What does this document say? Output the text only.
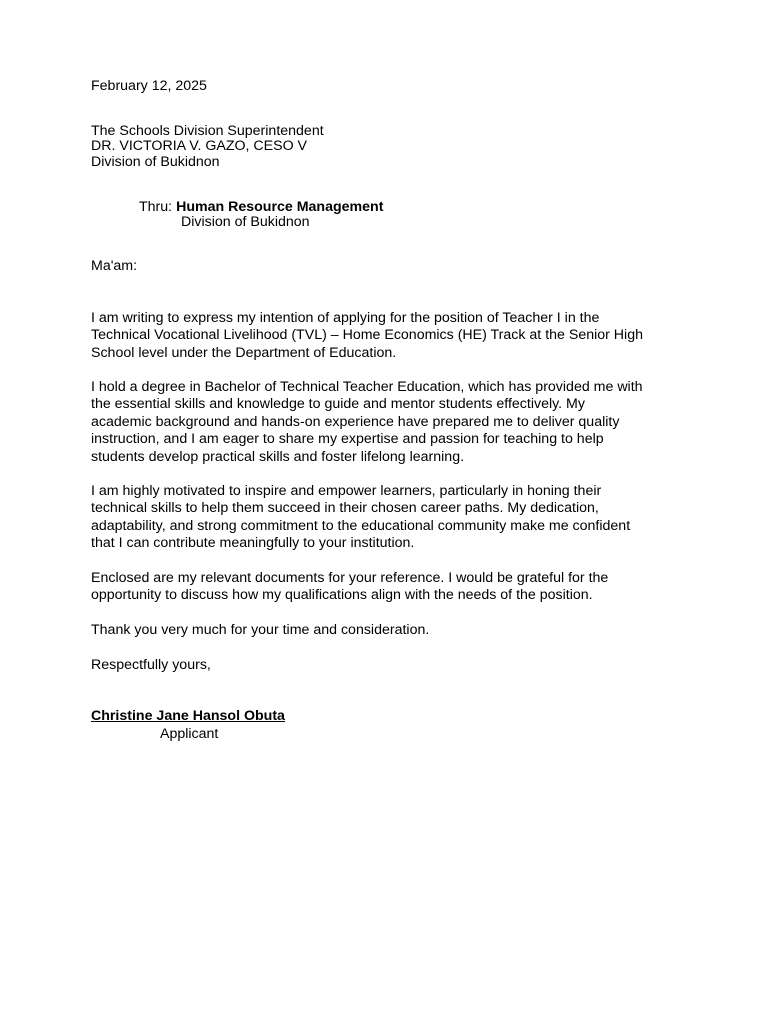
February 12, 2025
The Schools Division Superintendent
DR. VICTORIA V. GAZO, CESO V
Division of Bukidnon
Thru: Human Resource Management
Division of Bukidnon
Ma'am:
I am writing to express my intention of applying for the position of Teacher I in the
Technical Vocational Livelihood (TVL) – Home Economics (HE) Track at the Senior High
School level under the Department of Education.
I hold a degree in Bachelor of Technical Teacher Education, which has provided me with
the essential skills and knowledge to guide and mentor students effectively. My
academic background and hands-on experience have prepared me to deliver quality
instruction, and I am eager to share my expertise and passion for teaching to help
students develop practical skills and foster lifelong learning.
I am highly motivated to inspire and empower learners, particularly in honing their
technical skills to help them succeed in their chosen career paths. My dedication,
adaptability, and strong commitment to the educational community make me confident
that I can contribute meaningfully to your institution.
Enclosed are my relevant documents for your reference. I would be grateful for the
opportunity to discuss how my qualifications align with the needs of the position.
Thank you very much for your time and consideration.
Respectfully yours,
Christine Jane Hansol Obuta
Applicant
